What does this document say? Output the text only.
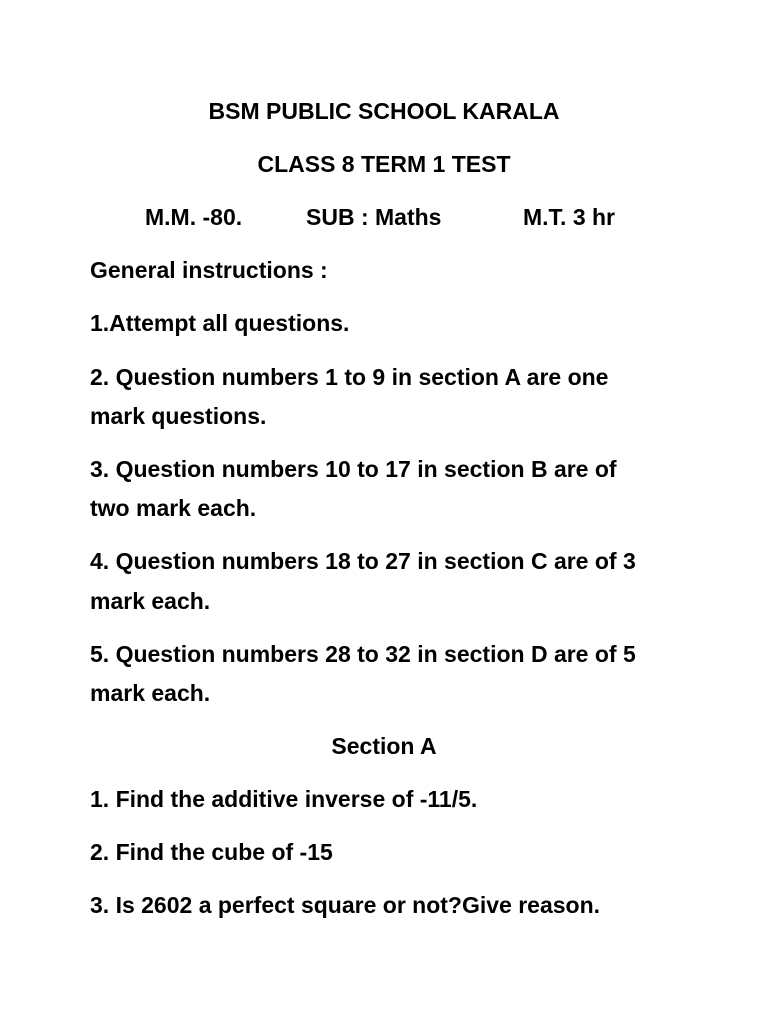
BSM PUBLIC SCHOOL KARALA
CLASS 8 TERM 1 TEST
M.M. -80.	SUB : Maths	M.T. 3 hr
General instructions :
1.Attempt all questions.
2. Question numbers 1 to 9 in section A are one
mark questions.
3. Question numbers 10 to 17 in section B are of
two mark each.
4. Question numbers 18 to 27 in section C are of 3
mark each.
5. Question numbers 28 to 32 in section D are of 5
mark each.
Section A
1. Find the additive inverse of -11/5.
2. Find the cube of -15
3. Is 2602 a perfect square or not?Give reason.
